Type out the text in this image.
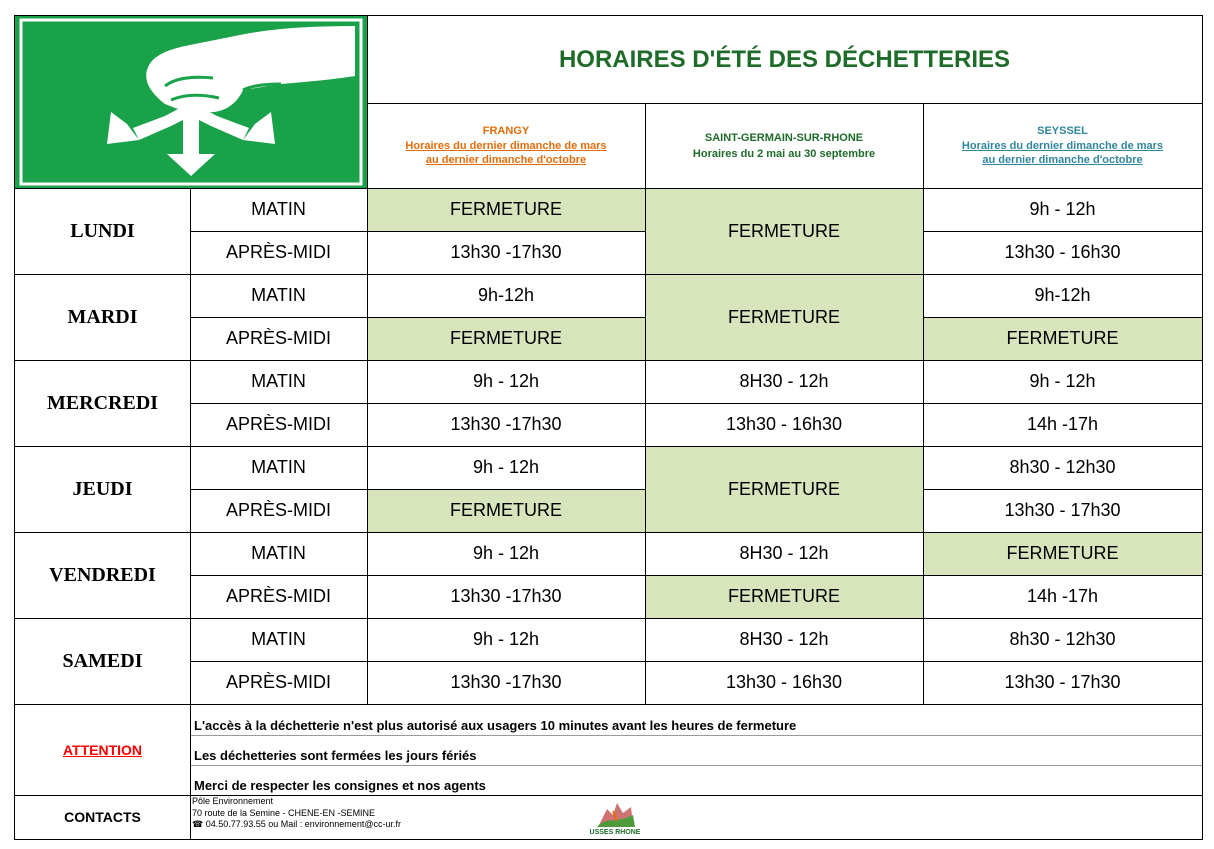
HORAIRES D'ÉTÉ DES DÉCHETTERIES
FRANGY
Horaires du dernier dimanche de mars
au dernier dimanche d'octobre
SAINT-GERMAIN-SUR-RHONE
Horaires du 2 mai au 30 septembre
SEYSSEL
Horaires du dernier dimanche de mars
au dernier dimanche d'octobre
LUNDI
MATIN
APRÈS-MIDI
FERMETURE
13h30 -17h30
FERMETURE
9h - 12h
13h30 - 16h30
MARDI
MATIN
APRÈS-MIDI
9h-12h
FERMETURE
FERMETURE
9h-12h
FERMETURE
MERCREDI
MATIN
APRÈS-MIDI
9h - 12h
13h30 -17h30
8H30 - 12h
13h30 - 16h30
9h - 12h
14h -17h
JEUDI
MATIN
APRÈS-MIDI
9h - 12h
FERMETURE
FERMETURE
8h30 - 12h30
13h30 - 17h30
VENDREDI
MATIN
APRÈS-MIDI
9h - 12h
13h30 -17h30
8H30 - 12h
FERMETURE
FERMETURE
14h -17h
SAMEDI
MATIN
APRÈS-MIDI
9h - 12h
13h30 -17h30
8H30 - 12h
13h30 - 16h30
8h30 - 12h30
13h30 - 17h30
ATTENTION
L'accès à la déchetterie n'est plus autorisé aux usagers 10 minutes avant les heures de fermeture
Les déchetteries sont fermées les jours fériés
Merci de respecter les consignes et nos agents
CONTACTS
Pôle Environnement
70 route de la Semine - CHENE-EN -SEMINE
☎ 04.50.77.93.55 ou Mail : environnement@cc-ur.fr
USSES RHONE
